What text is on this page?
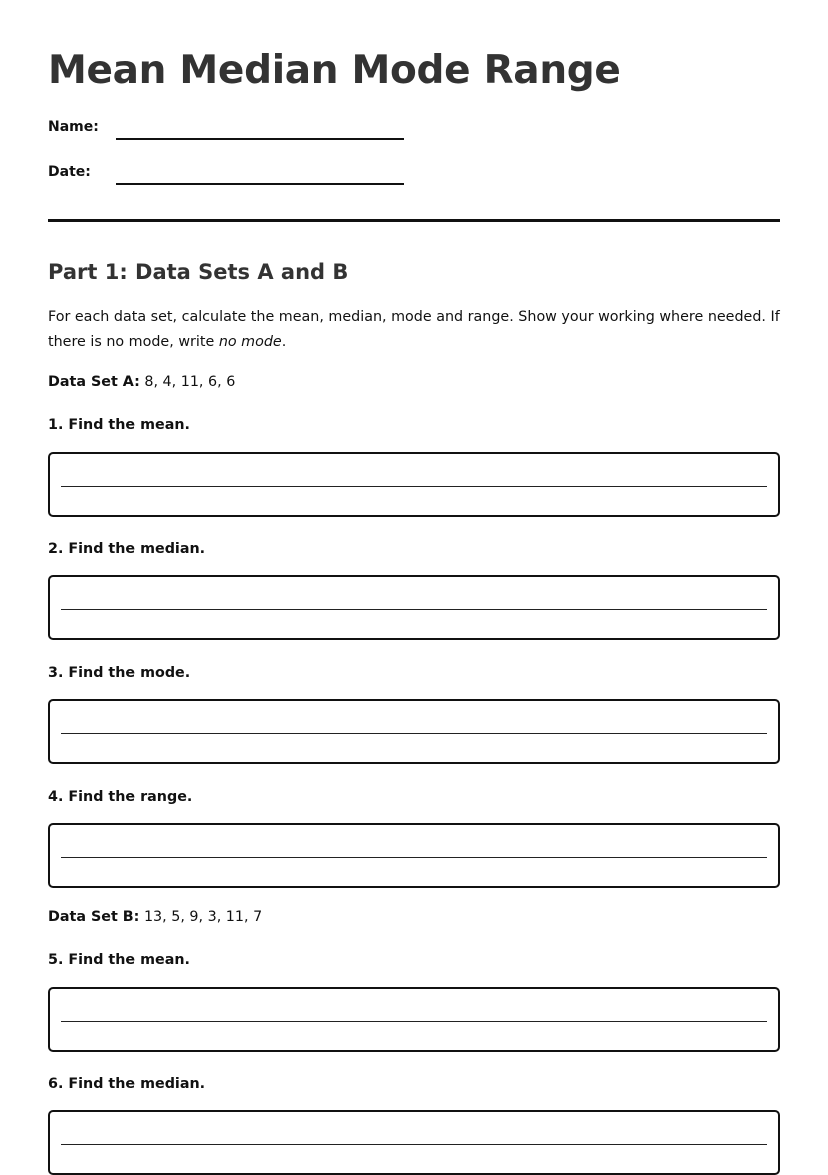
Mean Median Mode Range
Name:
Date:
Part 1: Data Sets A and B

For each data set, calculate the mean, median, mode and range. Show your working where needed. If there is no mode, write no mode.

Data Set A: 8, 4, 11, 6, 6

1. Find the mean.

2. Find the median.

3. Find the mode.

4. Find the range.

Data Set B: 13, 5, 9, 3, 11, 7

5. Find the mean.

6. Find the median.
